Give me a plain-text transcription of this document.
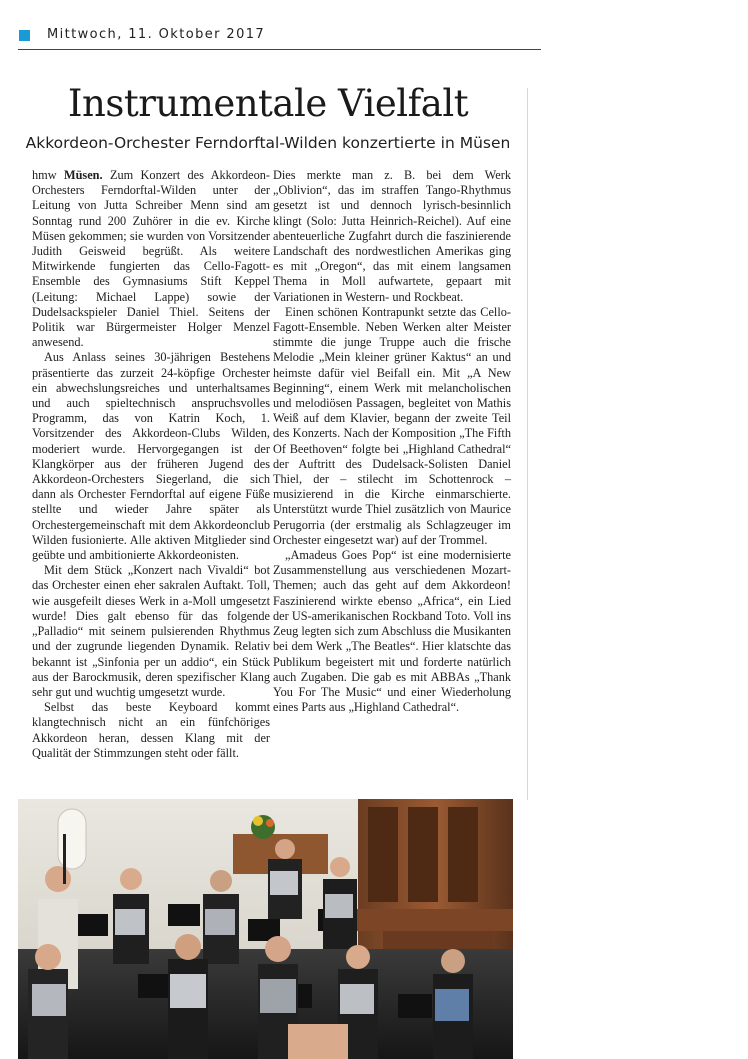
Mittwoch, 11. Oktober 2017
Instrumentale Vielfalt
Akkordeon-Orchester Ferndorftal-Wilden konzertierte in Müsen

hmw Müsen. Zum Konzert des Akkordeon-Orchesters Ferndorftal-Wilden unter der Leitung von Jutta Schreiber Menn sind am Sonntag rund 200 Zuhörer in die ev. Kirche Müsen gekommen; sie wurden von Vorsitzender Judith Geisweid begrüßt. Als weitere Mitwirkende fungierten das Cello-Fagott-Ensemble des Gymnasiums Stift Keppel (Leitung: Michael Lappe) sowie der Dudelsackspieler Daniel Thiel. Seitens der Politik war Bürgermeister Holger Menzel anwesend.

Aus Anlass seines 30-jährigen Bestehens präsentierte das zurzeit 24-köpfige Orchester ein abwechslungsreiches und unterhaltsames und auch spieltechnisch anspruchsvolles Programm, das von Katrin Koch, 1. Vorsitzender des Akkordeon-Clubs Wilden, moderiert wurde. Hervorgegangen ist der Klangkörper aus der früheren Jugend des Akkordeon-Orchesters Siegerland, die sich dann als Orchester Ferndorftal auf eigene Füße stellte und wieder Jahre später als Orchestergemeinschaft mit dem Akkordeonclub Wilden fusionierte. Alle aktiven Mitglieder sind geübte und ambitionierte Akkordeonisten.

Mit dem Stück „Konzert nach Vivaldi“ bot das Orchester einen eher sakralen Auftakt. Toll, wie ausgefeilt dieses Werk in a-Moll umgesetzt wurde! Dies galt ebenso für das folgende „Palladio“ mit seinem pulsierenden Rhythmus und der zugrunde liegenden Dynamik. Relativ bekannt ist „Sinfonia per un addio“, ein Stück aus der Barockmusik, deren spezifischer Klang sehr gut und wuchtig umgesetzt wurde.

Selbst das beste Keyboard kommt klangtechnisch nicht an ein fünfchöriges Akkordeon heran, dessen Klang mit der Qualität der Stimmzungen steht oder fällt.

Dies merkte man z. B. bei dem Werk „Oblivion“, das im straffen Tango-Rhythmus gesetzt ist und dennoch lyrisch-besinnlich klingt (Solo: Jutta Heinrich-Reichel). Auf eine abenteuerliche Zugfahrt durch die faszinierende Landschaft des nordwestlichen Amerikas ging es mit „Oregon“, das mit einem langsamen Thema in Moll aufwartete, gepaart mit Variationen in Western- und Rockbeat.

Einen schönen Kontrapunkt setzte das Cello-Fagott-Ensemble. Neben Werken alter Meister stimmte die junge Truppe auch die frische Melodie „Mein kleiner grüner Kaktus“ an und heimste dafür viel Beifall ein. Mit „A New Beginning“, einem Werk mit melancholischen und melodiösen Passagen, begleitet von Mathis Weiß auf dem Klavier, begann der zweite Teil des Konzerts. Nach der Komposition „The Fifth Of Beethoven“ folgte bei „Highland Cathedral“ der Auftritt des Dudelsack-Solisten Daniel Thiel, der – stilecht im Schottenrock – musizierend in die Kirche einmarschierte. Unterstützt wurde Thiel zusätzlich von Maurice Perugorria (der erstmalig als Schlagzeuger im Orchester eingesetzt war) auf der Trommel.

„Amadeus Goes Pop“ ist eine modernisierte Zusammenstellung aus verschiedenen Mozart-Themen; auch das geht auf dem Akkordeon! Faszinierend wirkte ebenso „Africa“, ein Lied der US-amerikanischen Rockband Toto. Voll ins Zeug legten sich zum Abschluss die Musikanten bei dem Werk „The Beatles“. Hier klatschte das Publikum begeistert mit und forderte natürlich auch Zugaben. Die gab es mit ABBAs „Thank You For The Music“ und einer Wiederholung eines Parts aus „Highland Cathedral“.
